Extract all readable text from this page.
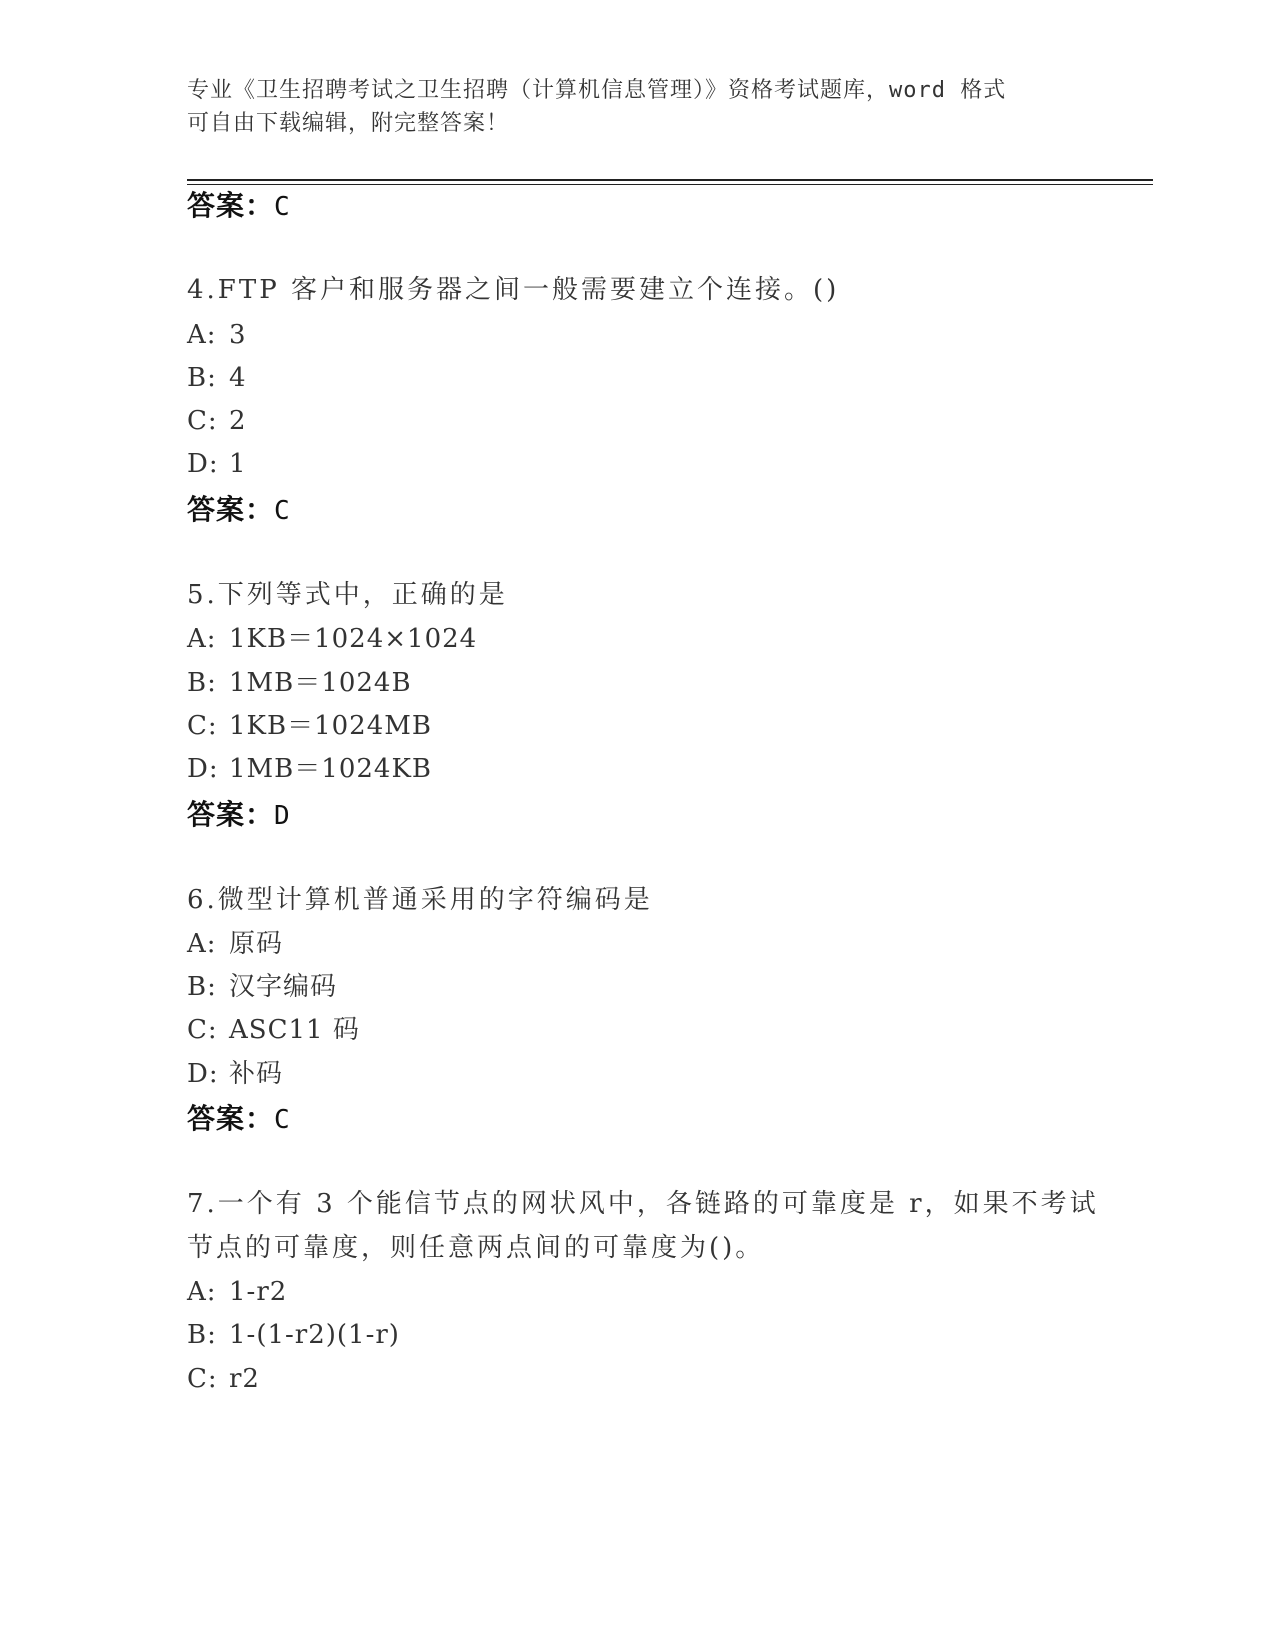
专业《卫生招聘考试之卫生招聘（计算机信息管理）》资格考试题库，word 格式
可自由下载编辑，附完整答案！
答案：C
4.FTP 客户和服务器之间一般需要建立个连接。()
A: 3
B: 4
C: 2
D: 1
答案：C
5.下列等式中，正确的是
A: 1KB＝1024×1024
B: 1MB＝1024B
C: 1KB＝1024MB
D: 1MB＝1024KB
答案：D
6.微型计算机普通采用的字符编码是
A: 原码
B: 汉字编码
C: ASC11 码
D: 补码
答案：C
7.一个有 3 个能信节点的网状风中，各链路的可靠度是 r，如果不考试
节点的可靠度，则任意两点间的可靠度为()。
A: 1-r2
B: 1-(1-r2)(1-r)
C: r2
